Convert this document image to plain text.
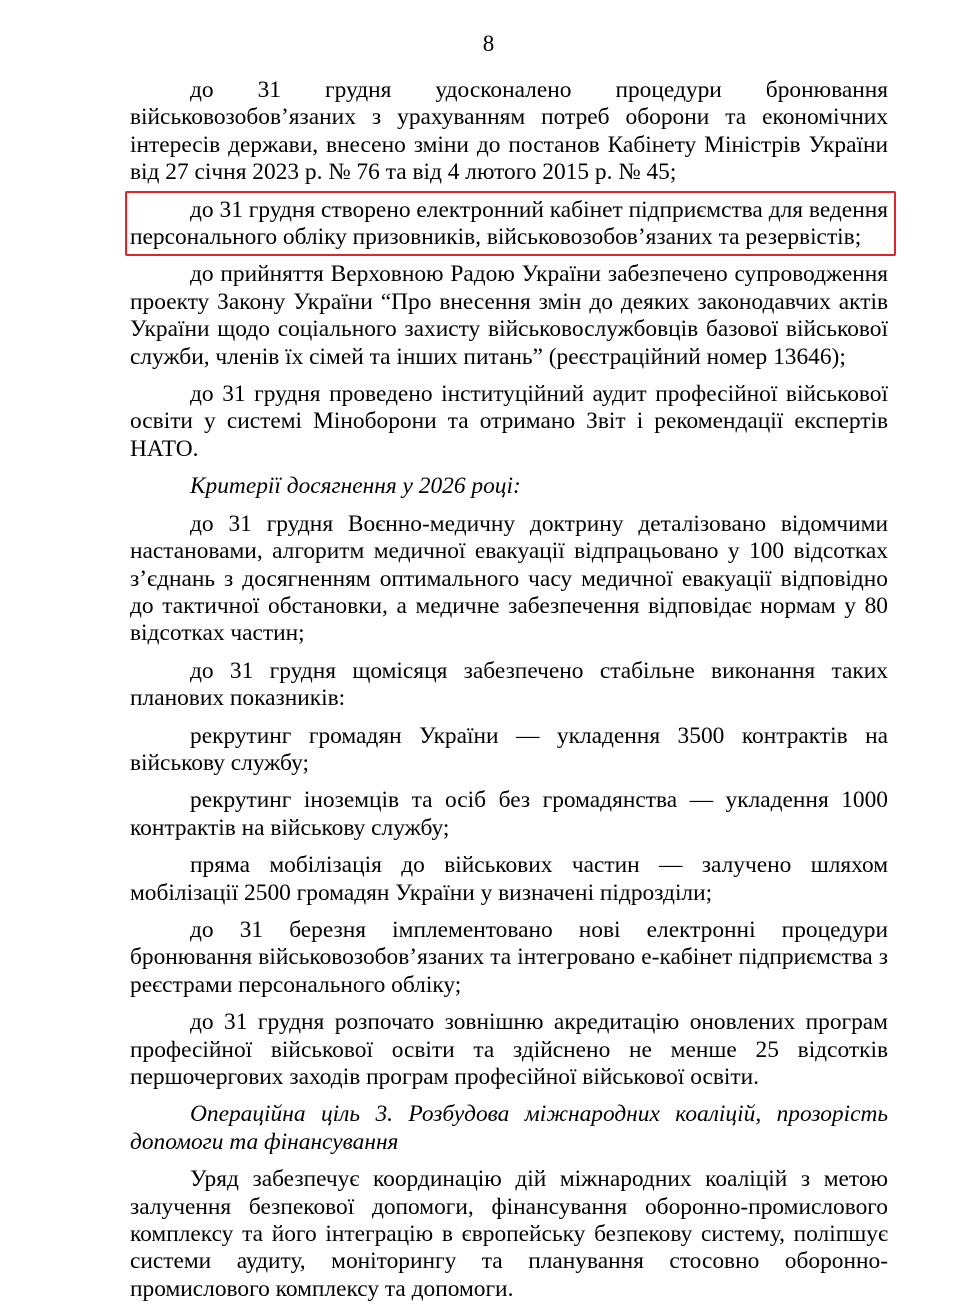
8

до 31 грудня удосконалено процедури бронювання військовозобов’язаних з урахуванням потреб оборони та економічних інтересів держави, внесено зміни до постанов Кабінету Міністрів України від 27 січня 2023 р. № 76 та від 4 лютого 2015 р. № 45;

до 31 грудня створено електронний кабінет підприємства для ведення персонального обліку призовників, військовозобов’язаних та резервістів;

до прийняття Верховною Радою України забезпечено супроводження проекту Закону України “Про внесення змін до деяких законодавчих актів України щодо соціального захисту військовослужбовців базової військової служби, членів їх сімей та інших питань” (реєстраційний номер 13646);

до 31 грудня проведено інституційний аудит професійної військової освіти у системі Міноборони та отримано Звіт і рекомендації експертів НАТО.

Критерії досягнення у 2026 році:

до 31 грудня Воєнно-медичну доктрину деталізовано відомчими настановами, алгоритм медичної евакуації відпрацьовано у 100 відсотках з’єднань з досягненням оптимального часу медичної евакуації відповідно до тактичної обстановки, а медичне забезпечення відповідає нормам у 80 відсотках частин;

до 31 грудня щомісяця забезпечено стабільне виконання таких планових показників:

рекрутинг громадян України — укладення 3500 контрактів на військову службу;

рекрутинг іноземців та осіб без громадянства — укладення 1000 контрактів на військову службу;

пряма мобілізація до військових частин — залучено шляхом мобілізації 2500 громадян України у визначені підрозділи;

до 31 березня імплементовано нові електронні процедури бронювання військовозобов’язаних та інтегровано е-кабінет підприємства з реєстрами персонального обліку;

до 31 грудня розпочато зовнішню акредитацію оновлених програм професійної військової освіти та здійснено не менше 25 відсотків першочергових заходів програм професійної військової освіти.

Операційна ціль 3. Розбудова міжнародних коаліцій, прозорість допомоги та фінансування

Уряд забезпечує координацію дій міжнародних коаліцій з метою залучення безпекової допомоги, фінансування оборонно-промислового комплексу та його інтеграцію в європейську безпекову систему, поліпшує системи аудиту, моніторингу та планування стосовно оборонно-промислового комплексу та допомоги.
